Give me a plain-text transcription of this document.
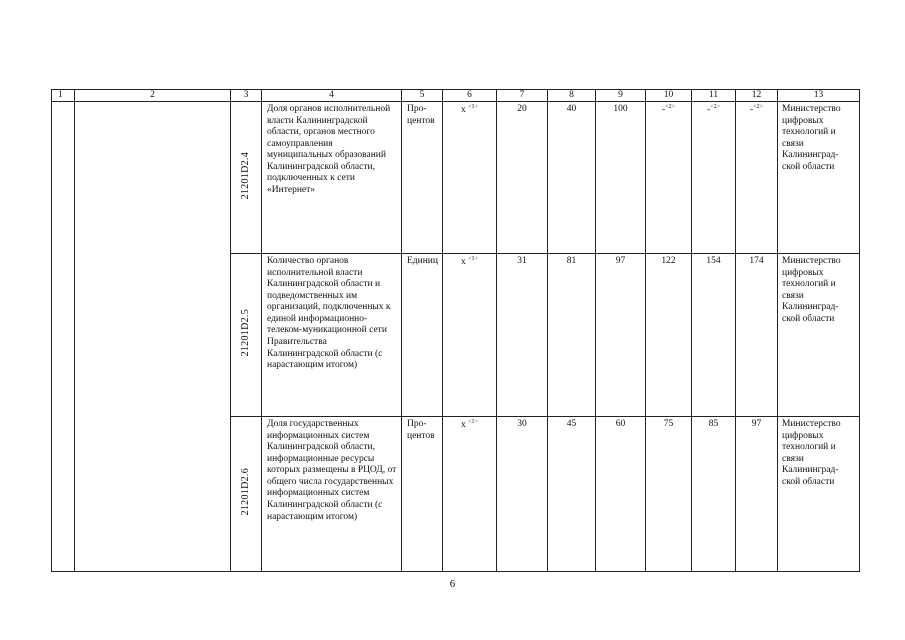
1	2	3	4	5	6	7	8	9	10	11	12	13
		21201D2.4	Доля органов исполнительной власти Калининградской области, органов местного самоуправления муниципальных образований Калининградской области, подключенных к сети «Интернет»	Про-центов	x $^{<1>}$	20	40	100	-$^{<2>}$	-$^{<2>}$	-$^{<2>}$	Министерство цифровых технологий и связи Калининград-ской области
		21201D2.5	Количество органов исполнительной власти Калининградской области и подведомственных им организаций, подключенных к единой информационно-телеком-муникационной сети Правительства Калининградской области (с нарастающим итогом)	Единиц	x $^{<1>}$	31	81	97	122	154	174	Министерство цифровых технологий и связи Калининград-ской области
		21201D2.6	Доля государственных информационных систем Калининградской области, информационные ресурсы которых размещены в РЦОД, от общего числа государственных информационных систем Калининградской области (с нарастающим итогом)	Про-центов	x $^{<1>}$	30	45	60	75	85	97	Министерство цифровых технологий и связи Калининград-ской области
6
